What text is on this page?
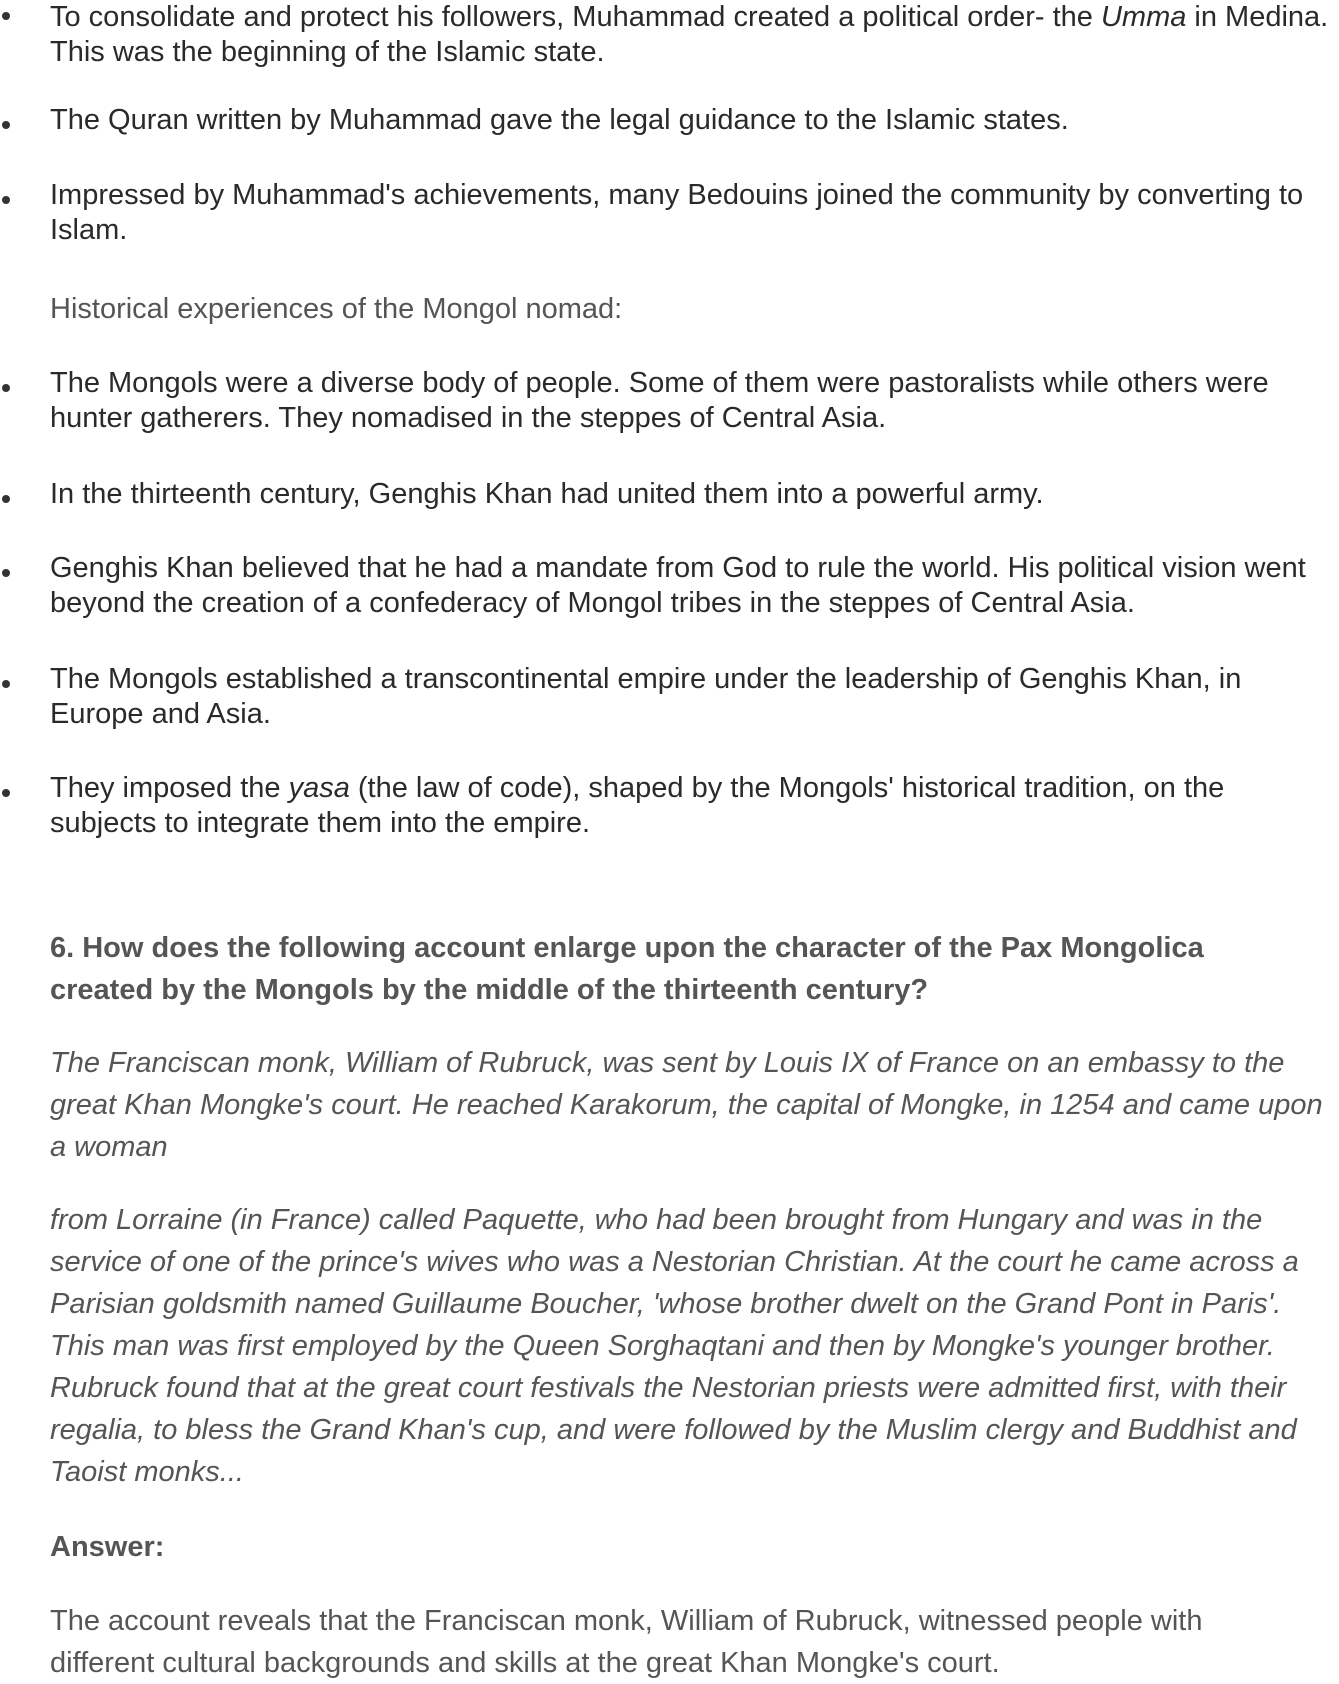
To consolidate and protect his followers, Muhammad created a political order- the Umma in Medina. This was the beginning of the Islamic state.
The Quran written by Muhammad gave the legal guidance to the Islamic states.
Impressed by Muhammad's achievements, many Bedouins joined the community by converting to Islam.
Historical experiences of the Mongol nomad:
The Mongols were a diverse body of people. Some of them were pastoralists while others were hunter gatherers. They nomadised in the steppes of Central Asia.
In the thirteenth century, Genghis Khan had united them into a powerful army.
Genghis Khan believed that he had a mandate from God to rule the world. His political vision went beyond the creation of a confederacy of Mongol tribes in the steppes of Central Asia.
The Mongols established a transcontinental empire under the leadership of Genghis Khan, in Europe and Asia.
They imposed the yasa (the law of code), shaped by the Mongols' historical tradition, on the subjects to integrate them into the empire.
6. How does the following account enlarge upon the character of the Pax Mongolica created by the Mongols by the middle of the thirteenth century?
The Franciscan monk, William of Rubruck, was sent by Louis IX of France on an embassy to the great Khan Mongke's court. He reached Karakorum, the capital of Mongke, in 1254 and came upon a woman
from Lorraine (in France) called Paquette, who had been brought from Hungary and was in the service of one of the prince's wives who was a Nestorian Christian. At the court he came across a Parisian goldsmith named Guillaume Boucher, 'whose brother dwelt on the Grand Pont in Paris'. This man was first employed by the Queen Sorghaqtani and then by Mongke's younger brother. Rubruck found that at the great court festivals the Nestorian priests were admitted first, with their regalia, to bless the Grand Khan's cup, and were followed by the Muslim clergy and Buddhist and Taoist monks...
Answer:
The account reveals that the Franciscan monk, William of Rubruck, witnessed people with different cultural backgrounds and skills at the great Khan Mongke's court.
